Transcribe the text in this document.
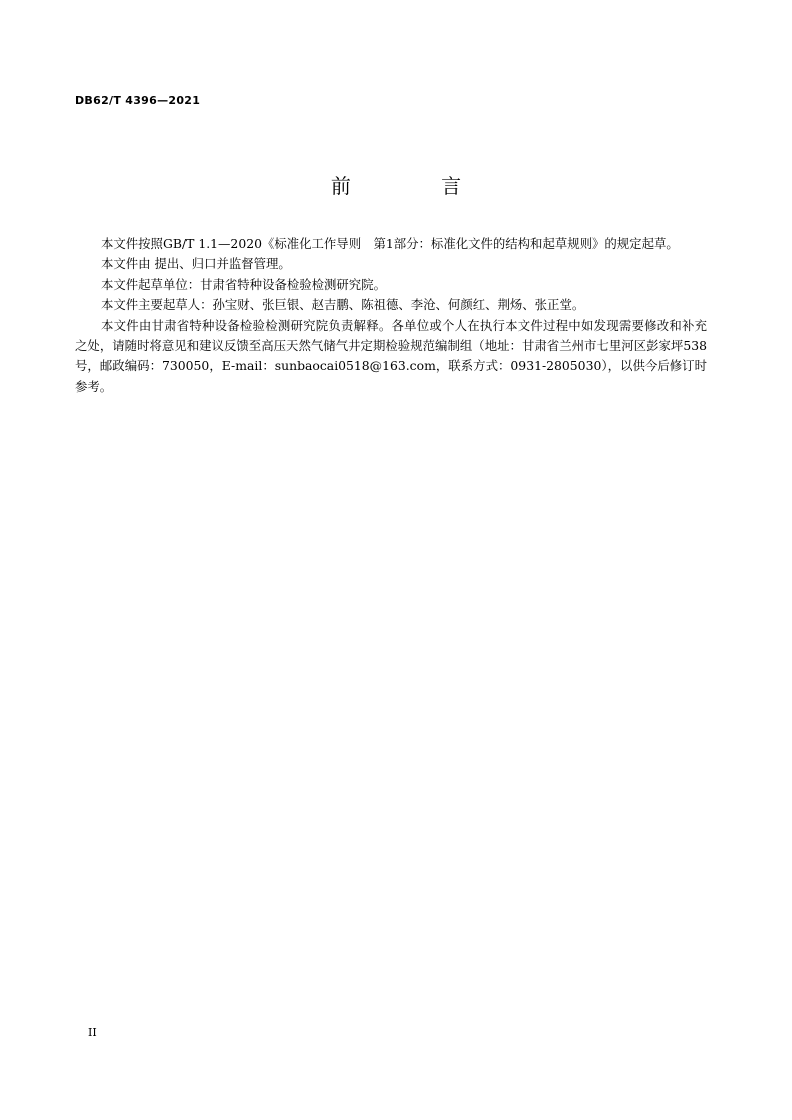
DB62/T 4396—2021
前 言

本文件按照GB/T 1.1—2020《标准化工作导则　第1部分：标准化文件的结构和起草规则》的规定起草。

本文件由 提出、归口并监督管理。

本文件起草单位：甘肃省特种设备检验检测研究院。

本文件主要起草人：孙宝财、张巨银、赵吉鹏、陈祖德、李沧、何颜红、荆炀、张正堂。

本文件由甘肃省特种设备检验检测研究院负责解释。各单位或个人在执行本文件过程中如发现需要修改和补充之处，请随时将意见和建议反馈至高压天然气储气井定期检验规范编制组（地址：甘肃省兰州市七里河区彭家坪538号，邮政编码：730050，E-mail：sunbaocai0518@163.com，联系方式：0931-2805030），以供今后修订时参考。

II
